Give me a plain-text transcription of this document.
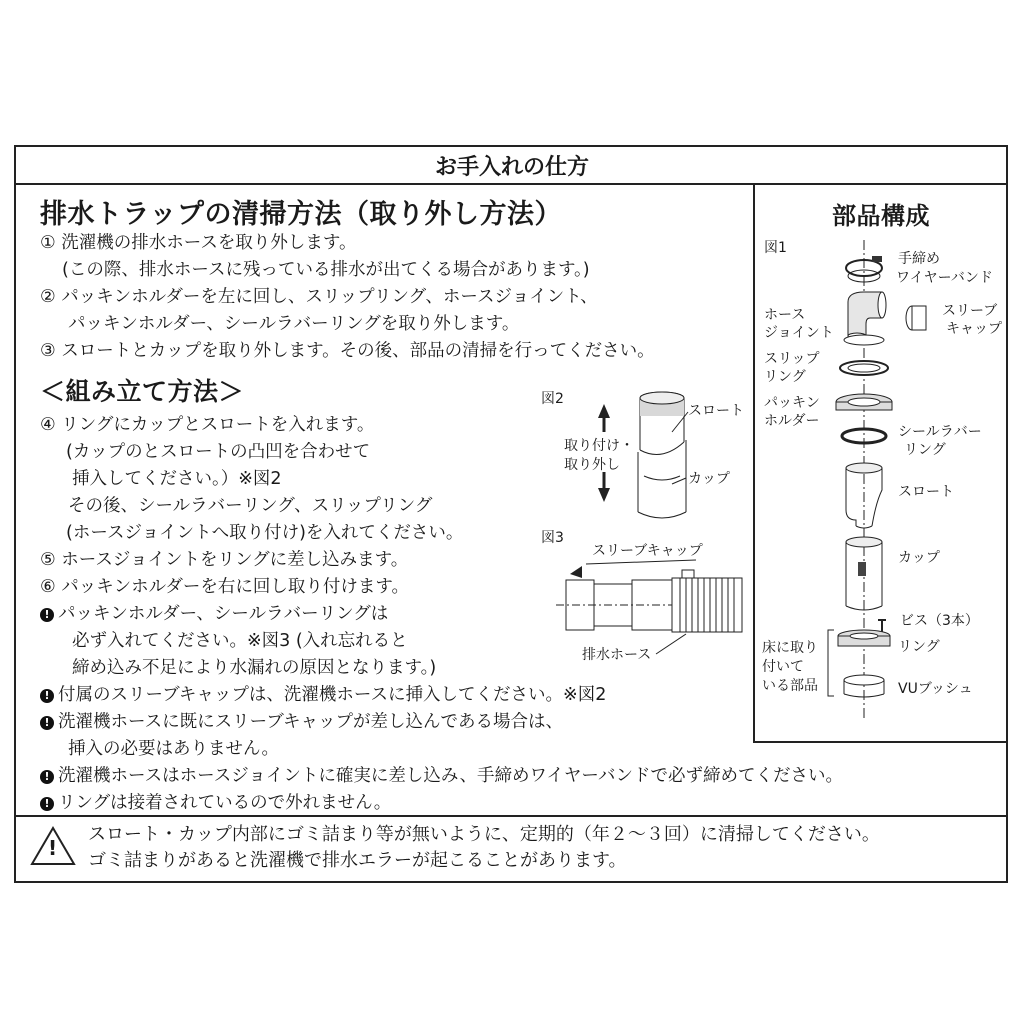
お手入れの仕方
排水トラップの清掃方法（取り外し方法）
① 洗濯機の排水ホースを取り外します。
(この際、排水ホースに残っている排水が出てくる場合があります。)
② パッキンホルダーを左に回し、スリップリング、ホースジョイント、
パッキンホルダー、シールラバーリングを取り外します。
③ スロートとカップを取り外します。その後、部品の清掃を行ってください。
＜組み立て方法＞
④ リングにカップとスロートを入れます。
(カップのとスロートの凸凹を合わせて
挿入してください。）※図2
その後、シールラバーリング、スリップリング
(ホースジョイントへ取り付け)を入れてください。
⑤ ホースジョイントをリングに差し込みます。
⑥ パッキンホルダーを右に回し取り付けます。
! パッキンホルダー、シールラバーリングは
必ず入れてください。※図3 (入れ忘れると
締め込み不足により水漏れの原因となります。)
! 付属のスリーブキャップは、洗濯機ホースに挿入してください。※図2
! 洗濯機ホースに既にスリーブキャップが差し込んである場合は、
挿入の必要はありません。
! 洗濯機ホースはホースジョイントに確実に差し込み、手締めワイヤーバンドで必ず締めてください。
! リングは接着されているので外れません。
図2
取り付け・
取り外し
スロート
カップ
図3
スリーブキャップ
排水ホース
部品構成
図1
手締め
ワイヤーバンド
ホース
ジョイント
スリーブ
キャップ
スリップ
リング
パッキン
ホルダー
シールラバー
リング
スロート
カップ
ビス（3本）
リング
VUブッシュ
床に取り
付いて
いる部品
!
スロート・カップ内部にゴミ詰まり等が無いように、定期的（年２～３回）に清掃してください。
ゴミ詰まりがあると洗濯機で排水エラーが起こることがあります。
